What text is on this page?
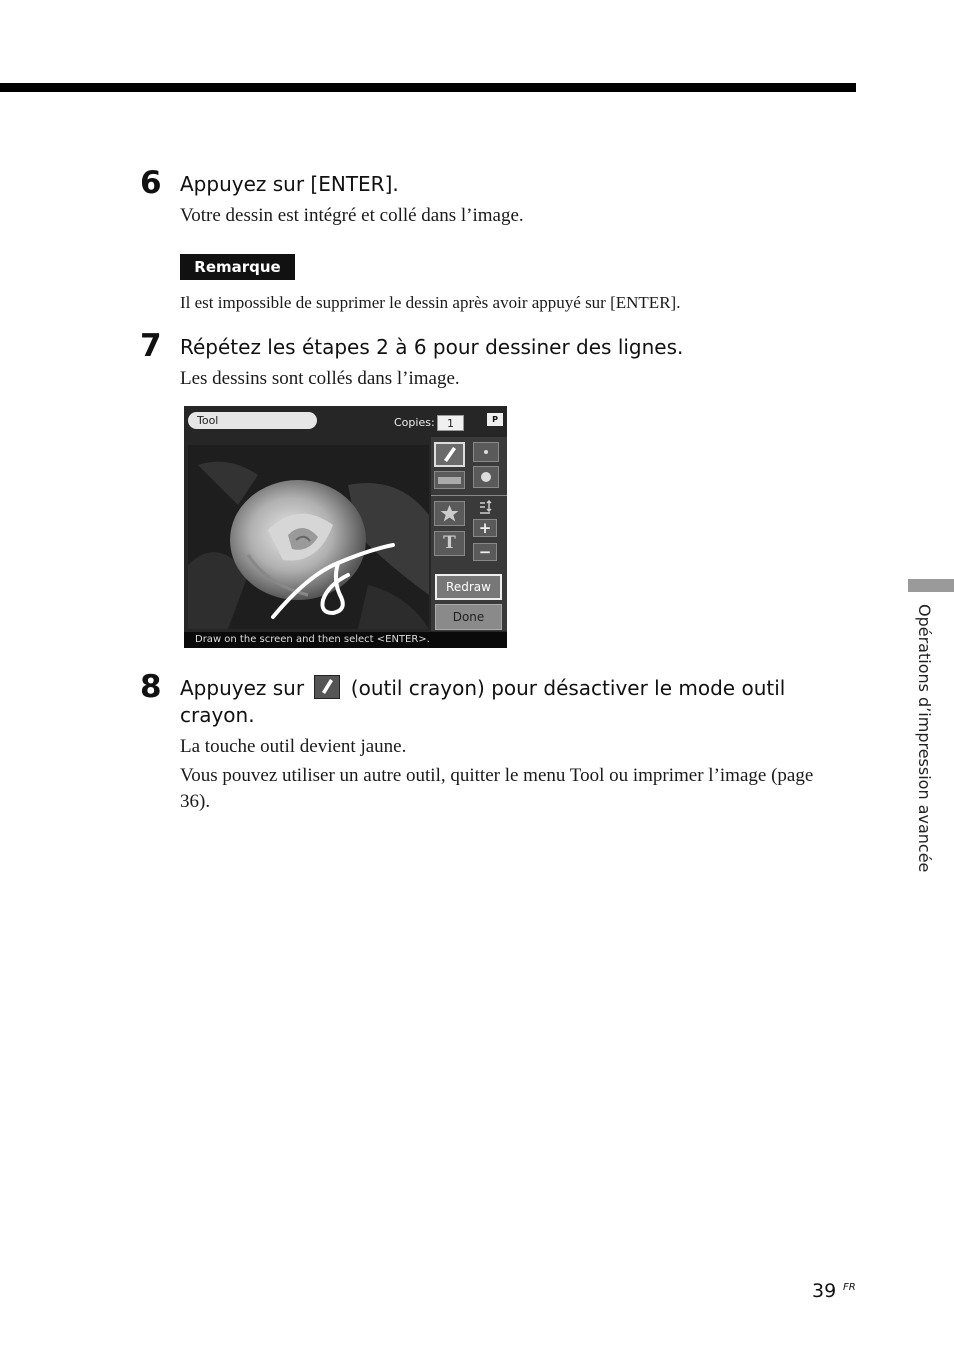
6 Appuyez sur [ENTER].
Votre dessin est intégré et collé dans l’image.
Remarque
Il est impossible de supprimer le dessin après avoir appuyé sur [ENTER].
7 Répétez les étapes 2 à 6 pour dessiner des lignes.
Les dessins sont collés dans l’image.
Tool	Copies:	1	P
T
+
−
Redraw
Done
Draw on the screen and then select <ENTER>.
8 Appuyez sur (outil crayon) pour désactiver le mode outil crayon.
La touche outil devient jaune.
Vous pouvez utiliser un autre outil, quitter le menu Tool ou imprimer l’image (page 36).	Opérations d’impression avancée
39 FR
